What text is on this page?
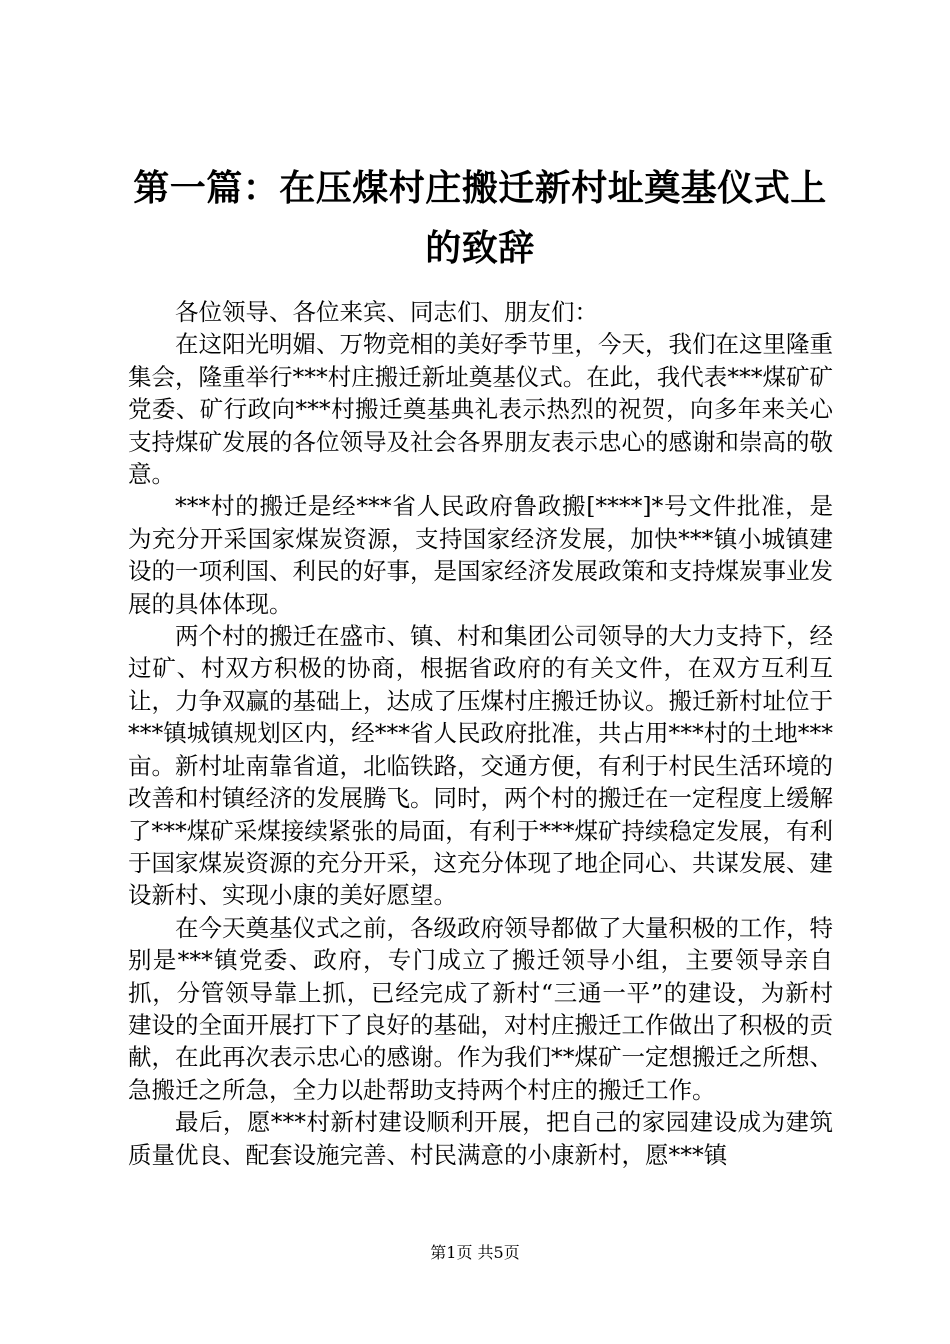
第一篇：在压煤村庄搬迁新村址奠基仪式上的致辞

各位领导、各位来宾、同志们、朋友们：

在这阳光明媚、万物竞相的美好季节里，今天，我们在这里隆重集会，隆重举行***村庄搬迁新址奠基仪式。在此，我代表***煤矿矿党委、矿行政向***村搬迁奠基典礼表示热烈的祝贺，向多年来关心支持煤矿发展的各位领导及社会各界朋友表示忠心的感谢和崇高的敬意。

***村的搬迁是经***省人民政府鲁政搬[****]*号文件批准，是为充分开采国家煤炭资源，支持国家经济发展，加快***镇小城镇建设的一项利国、利民的好事，是国家经济发展政策和支持煤炭事业发展的具体体现。

两个村的搬迁在盛市、镇、村和集团公司领导的大力支持下，经过矿、村双方积极的协商，根据省政府的有关文件，在双方互利互让，力争双赢的基础上，达成了压煤村庄搬迁协议。搬迁新村址位于***镇城镇规划区内，经***省人民政府批准，共占用***村的土地***亩。新村址南靠省道，北临铁路，交通方便，有利于村民生活环境的改善和村镇经济的发展腾飞。同时，两个村的搬迁在一定程度上缓解了***煤矿采煤接续紧张的局面，有利于***煤矿持续稳定发展，有利于国家煤炭资源的充分开采，这充分体现了地企同心、共谋发展、建设新村、实现小康的美好愿望。

在今天奠基仪式之前，各级政府领导都做了大量积极的工作，特别是***镇党委、政府，专门成立了搬迁领导小组，主要领导亲自抓，分管领导靠上抓，已经完成了新村“三通一平”的建设，为新村建设的全面开展打下了良好的基础，对村庄搬迁工作做出了积极的贡献，在此再次表示忠心的感谢。作为我们**煤矿一定想搬迁之所想、急搬迁之所急，全力以赴帮助支持两个村庄的搬迁工作。

最后，愿***村新村建设顺利开展，把自己的家园建设成为建筑质量优良、配套设施完善、村民满意的小康新村，愿***镇

第1页 共5页
